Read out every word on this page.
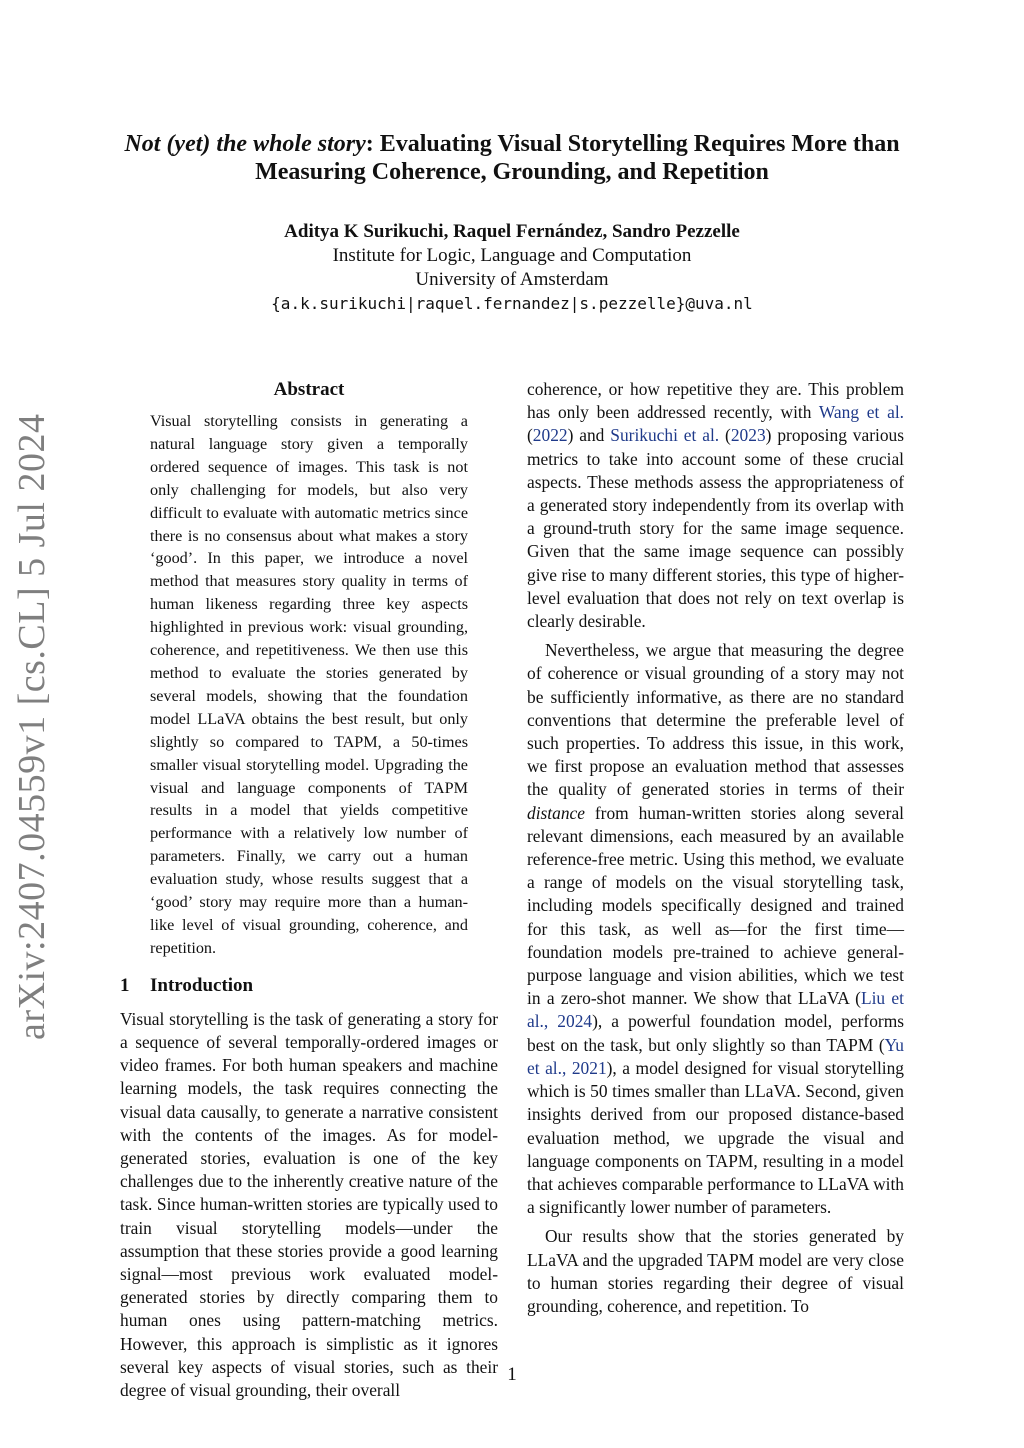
arXiv:2407.04559v1 [cs.CL] 5 Jul 2024
Not (yet) the whole story: Evaluating Visual Storytelling Requires More than Measuring Coherence, Grounding, and Repetition
Aditya K Surikuchi, Raquel Fernández, Sandro Pezzelle
Institute for Logic, Language and Computation
University of Amsterdam
{a.k.surikuchi|raquel.fernandez|s.pezzelle}@uva.nl
Abstract

Visual storytelling consists in generating a natural language story given a temporally ordered sequence of images. This task is not only challenging for models, but also very difficult to evaluate with automatic metrics since there is no consensus about what makes a story ‘good’. In this paper, we introduce a novel method that measures story quality in terms of human likeness regarding three key aspects highlighted in previous work: visual grounding, coherence, and repetitiveness. We then use this method to evaluate the stories generated by several models, showing that the foundation model LLaVA obtains the best result, but only slightly so compared to TAPM, a 50-times smaller visual storytelling model. Upgrading the visual and language components of TAPM results in a model that yields competitive performance with a relatively low number of parameters. Finally, we carry out a human evaluation study, whose results suggest that a ‘good’ story may require more than a human-like level of visual grounding, coherence, and repetition.

1 Introduction

Visual storytelling is the task of generating a story for a sequence of several temporally-ordered images or video frames. For both human speakers and machine learning models, the task requires connecting the visual data causally, to generate a narrative consistent with the contents of the images. As for model-generated stories, evaluation is one of the key challenges due to the inherently creative nature of the task. Since human-written stories are typically used to train visual storytelling models—under the assumption that these stories provide a good learning signal—most previous work evaluated model-generated stories by directly comparing them to human ones using pattern-matching metrics. However, this approach is simplistic as it ignores several key aspects of visual stories, such as their degree of visual grounding, their overall

coherence, or how repetitive they are. This problem has only been addressed recently, with Wang et al. (2022) and Surikuchi et al. (2023) proposing various metrics to take into account some of these crucial aspects. These methods assess the appropriateness of a generated story independently from its overlap with a ground-truth story for the same image sequence. Given that the same image sequence can possibly give rise to many different stories, this type of higher-level evaluation that does not rely on text overlap is clearly desirable.

Nevertheless, we argue that measuring the degree of coherence or visual grounding of a story may not be sufficiently informative, as there are no standard conventions that determine the preferable level of such properties. To address this issue, in this work, we first propose an evaluation method that assesses the quality of generated stories in terms of their distance from human-written stories along several relevant dimensions, each measured by an available reference-free metric. Using this method, we evaluate a range of models on the visual storytelling task, including models specifically designed and trained for this task, as well as—for the first time—foundation models pre-trained to achieve general-purpose language and vision abilities, which we test in a zero-shot manner. We show that LLaVA (Liu et al., 2024), a powerful foundation model, performs best on the task, but only slightly so than TAPM (Yu et al., 2021), a model designed for visual storytelling which is 50 times smaller than LLaVA. Second, given insights derived from our proposed distance-based evaluation method, we upgrade the visual and language components on TAPM, resulting in a model that achieves comparable performance to LLaVA with a significantly lower number of parameters.

Our results show that the stories generated by LLaVA and the upgraded TAPM model are very close to human stories regarding their degree of visual grounding, coherence, and repetition. To

1
